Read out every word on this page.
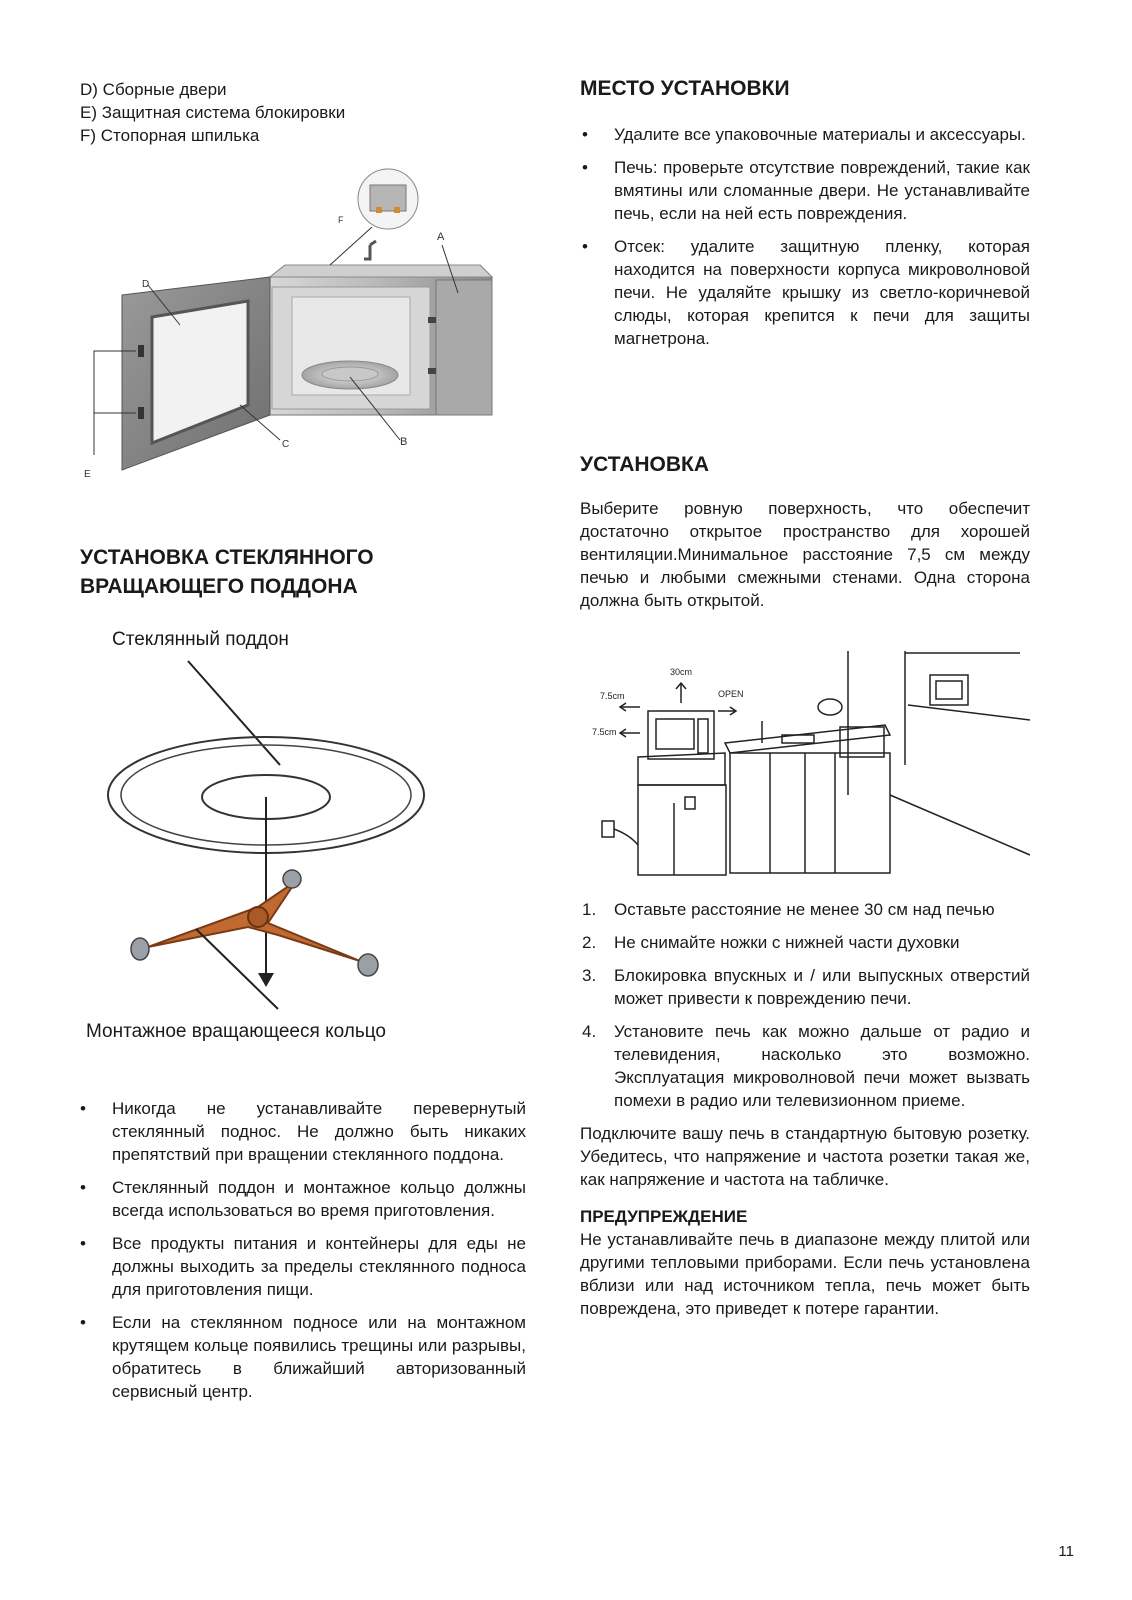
D) Сборные двери
E) Защитная система блокировки
F) Стопорная шпилька
A
B
C
D
E
F
УСТАНОВКА СТЕКЛЯННОГО
ВРАЩАЮЩЕГО ПОДДОНА
Стеклянный поддон
Монтажное вращающееся кольцо
• Никогда не устанавливайте перевернутый стеклянный поднос. Не должно быть никаких препятствий при вращении стеклянного поддона.
• Стеклянный поддон и монтажное кольцо должны всегда использоваться во время приготовления.
• Все продукты питания и контейнеры для еды не должны выходить за пределы стеклянного подноса для приготовления пищи.
• Если на стеклянном подносе или на монтажном крутящем кольце появились трещины или разрывы, обратитесь в ближайший авторизованный сервисный центр.
МЕСТО УСТАНОВКИ
• Удалите все упаковочные материалы и аксессуары.
• Печь: проверьте отсутствие повреждений, такие как вмятины или сломанные двери. Не устанавливайте печь, если на ней есть повреждения.
• Отсек: удалите защитную пленку, которая находится на поверхности корпуса микроволновой печи. Не удаляйте крышку из светло-коричневой слюды, которая крепится к печи для защиты магнетрона.
УСТАНОВКА

Выберите ровную поверхность, что обеспечит достаточно открытое пространство для хорошей вентиляции.Минимальное расстояние 7,5 см между печью и любыми смежными стенами. Одна сторона должна быть открытой.

30cm
7.5cm
7.5cm
OPEN
1. Оставьте расстояние не менее 30 см над печью
2. Не снимайте ножки с нижней части духовки
3. Блокировка впускных и / или выпускных отверстий может привести к повреждению печи.
4. Установите печь как можно дальше от радио и телевидения, насколько это возможно. Эксплуатация микроволновой печи может вызвать помехи в радио или телевизионном приеме.

Подключите вашу печь в стандартную бытовую розетку. Убедитесь, что напряжение и частота розетки такая же, как напряжение и частота на табличке.

ПРЕДУПРЕЖДЕНИЕ

Не устанавливайте печь в диапазоне между плитой или другими тепловыми приборами. Если печь установлена вблизи или над источником тепла, печь может быть повреждена, это приведет к потере гарантии.

11
